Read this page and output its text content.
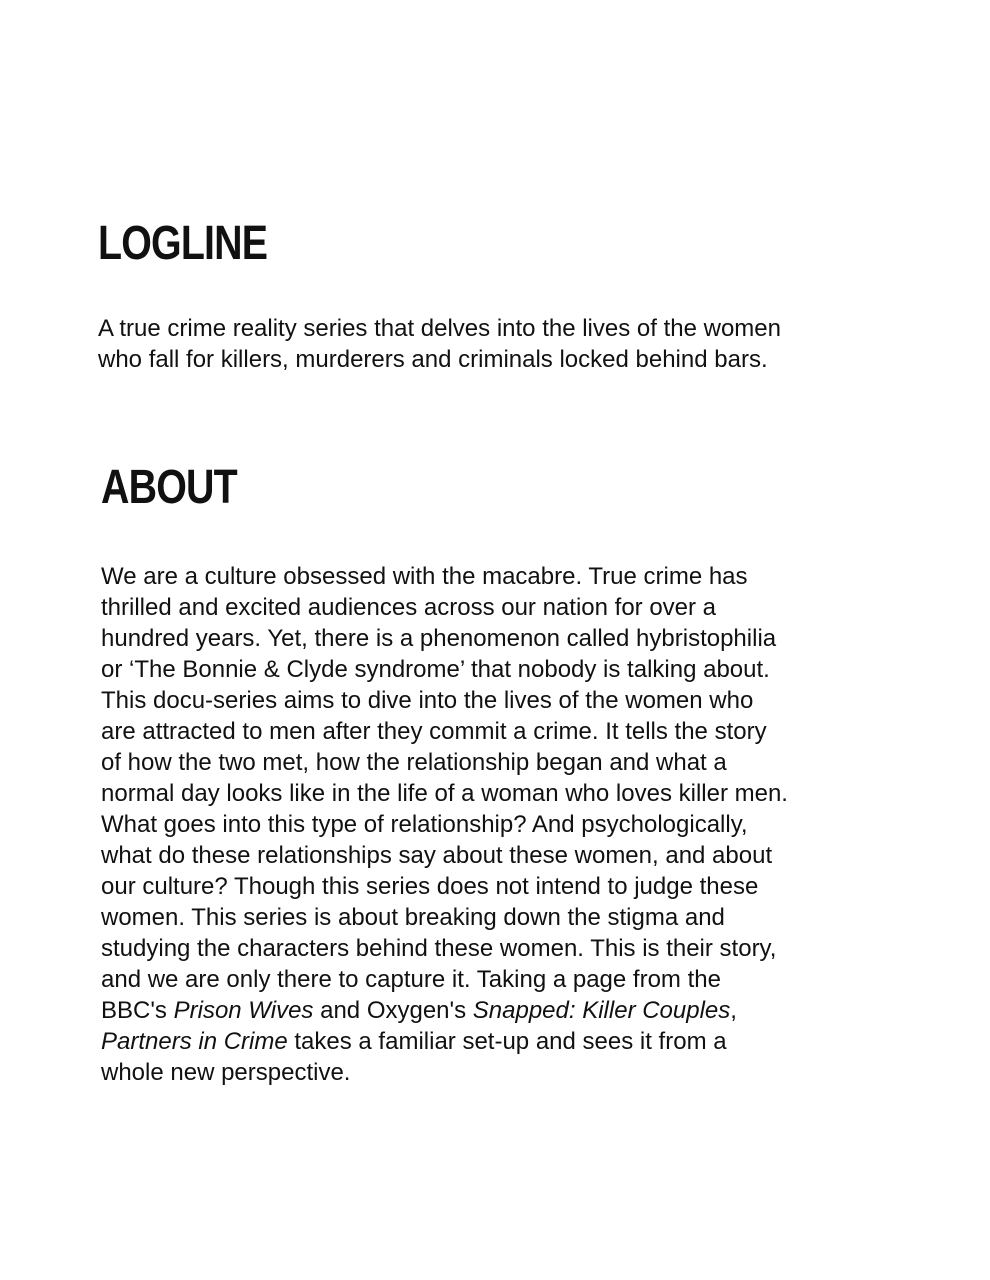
LOGLINE

A true crime reality series that delves into the lives of the women
who fall for killers, murderers and criminals locked behind bars.

ABOUT

We are a culture obsessed with the macabre. True crime has
thrilled and excited audiences across our nation for over a
hundred years. Yet, there is a phenomenon called hybristophilia
or ‘The Bonnie & Clyde syndrome’ that nobody is talking about.
This docu-series aims to dive into the lives of the women who
are attracted to men after they commit a crime. It tells the story
of how the two met, how the relationship began and what a
normal day looks like in the life of a woman who loves killer men.
What goes into this type of relationship? And psychologically,
what do these relationships say about these women, and about
our culture? Though this series does not intend to judge these
women. This series is about breaking down the stigma and
studying the characters behind these women. This is their story,
and we are only there to capture it. Taking a page from the
BBC's Prison Wives and Oxygen's Snapped: Killer Couples,
Partners in Crime takes a familiar set-up and sees it from a
whole new perspective.
